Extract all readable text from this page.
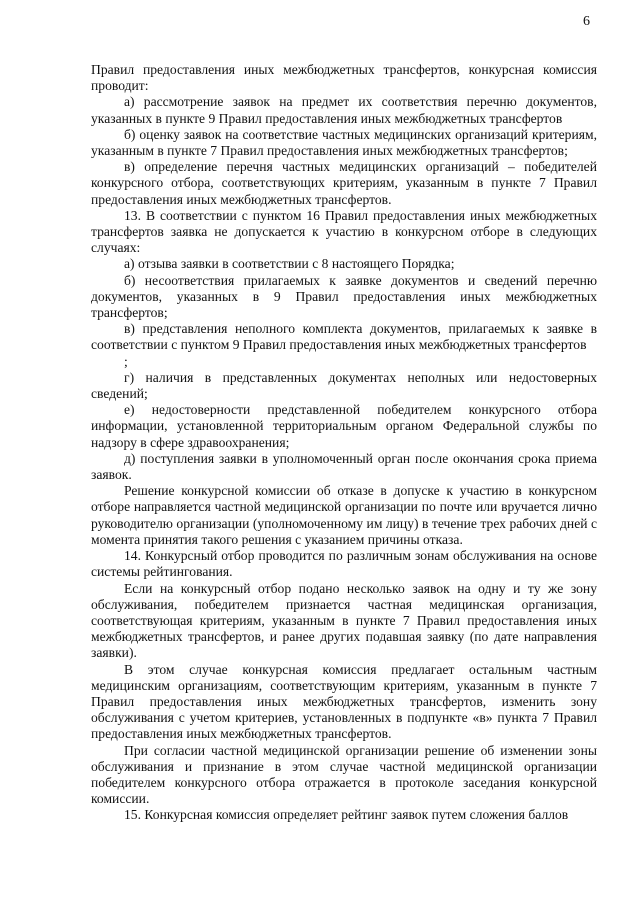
6

Правил предоставления иных межбюджетных трансфертов, конкурсная комиссия проводит:

а) рассмотрение заявок на предмет их соответствия перечню документов, указанных в пункте 9 Правил предоставления иных межбюджетных трансфертов

б) оценку заявок на соответствие частных медицинских организаций критериям, указанным в пункте 7 Правил предоставления иных межбюджетных трансфертов;

в) определение перечня частных медицинских организаций – победителей конкурсного отбора, соответствующих критериям, указанным в пункте 7 Правил предоставления иных межбюджетных трансфертов.

13. В соответствии с пунктом 16 Правил предоставления иных межбюджетных трансфертов заявка не допускается к участию в конкурсном отборе в следующих случаях:

а) отзыва заявки в соответствии с 8 настоящего Порядка;

б) несоответствия прилагаемых к заявке документов и сведений перечню документов, указанных в 9 Правил предоставления иных межбюджетных трансфертов;

в) представления неполного комплекта документов, прилагаемых к заявке в соответствии с пунктом 9 Правил предоставления иных межбюджетных трансфертов

;

г) наличия в представленных документах неполных или недостоверных сведений;

е) недостоверности представленной победителем конкурсного отбора информации, установленной территориальным органом Федеральной службы по надзору в сфере здравоохранения;

д) поступления заявки в уполномоченный орган после окончания срока приема заявок.

Решение конкурсной комиссии об отказе в допуске к участию в конкурсном отборе направляется частной медицинской организации по почте или вручается лично руководителю организации (уполномоченному им лицу) в течение трех рабочих дней с момента принятия такого решения с указанием причины отказа.

14. Конкурсный отбор проводится по различным зонам обслуживания на основе системы рейтингования.

Если на конкурсный отбор подано несколько заявок на одну и ту же зону обслуживания, победителем признается частная медицинская организация, соответствующая критериям, указанным в пункте 7 Правил предоставления иных межбюджетных трансфертов, и ранее других подавшая заявку (по дате направления заявки).

В этом случае конкурсная комиссия предлагает остальным частным медицинским организациям, соответствующим критериям, указанным в пункте 7 Правил предоставления иных межбюджетных трансфертов, изменить зону обслуживания с учетом критериев, установленных в подпункте «в» пункта 7 Правил предоставления иных межбюджетных трансфертов.

При согласии частной медицинской организации решение об изменении зоны обслуживания и признание в этом случае частной медицинской организации победителем конкурсного отбора отражается в протоколе заседания конкурсной комиссии.

15. Конкурсная комиссия определяет рейтинг заявок путем сложения баллов
